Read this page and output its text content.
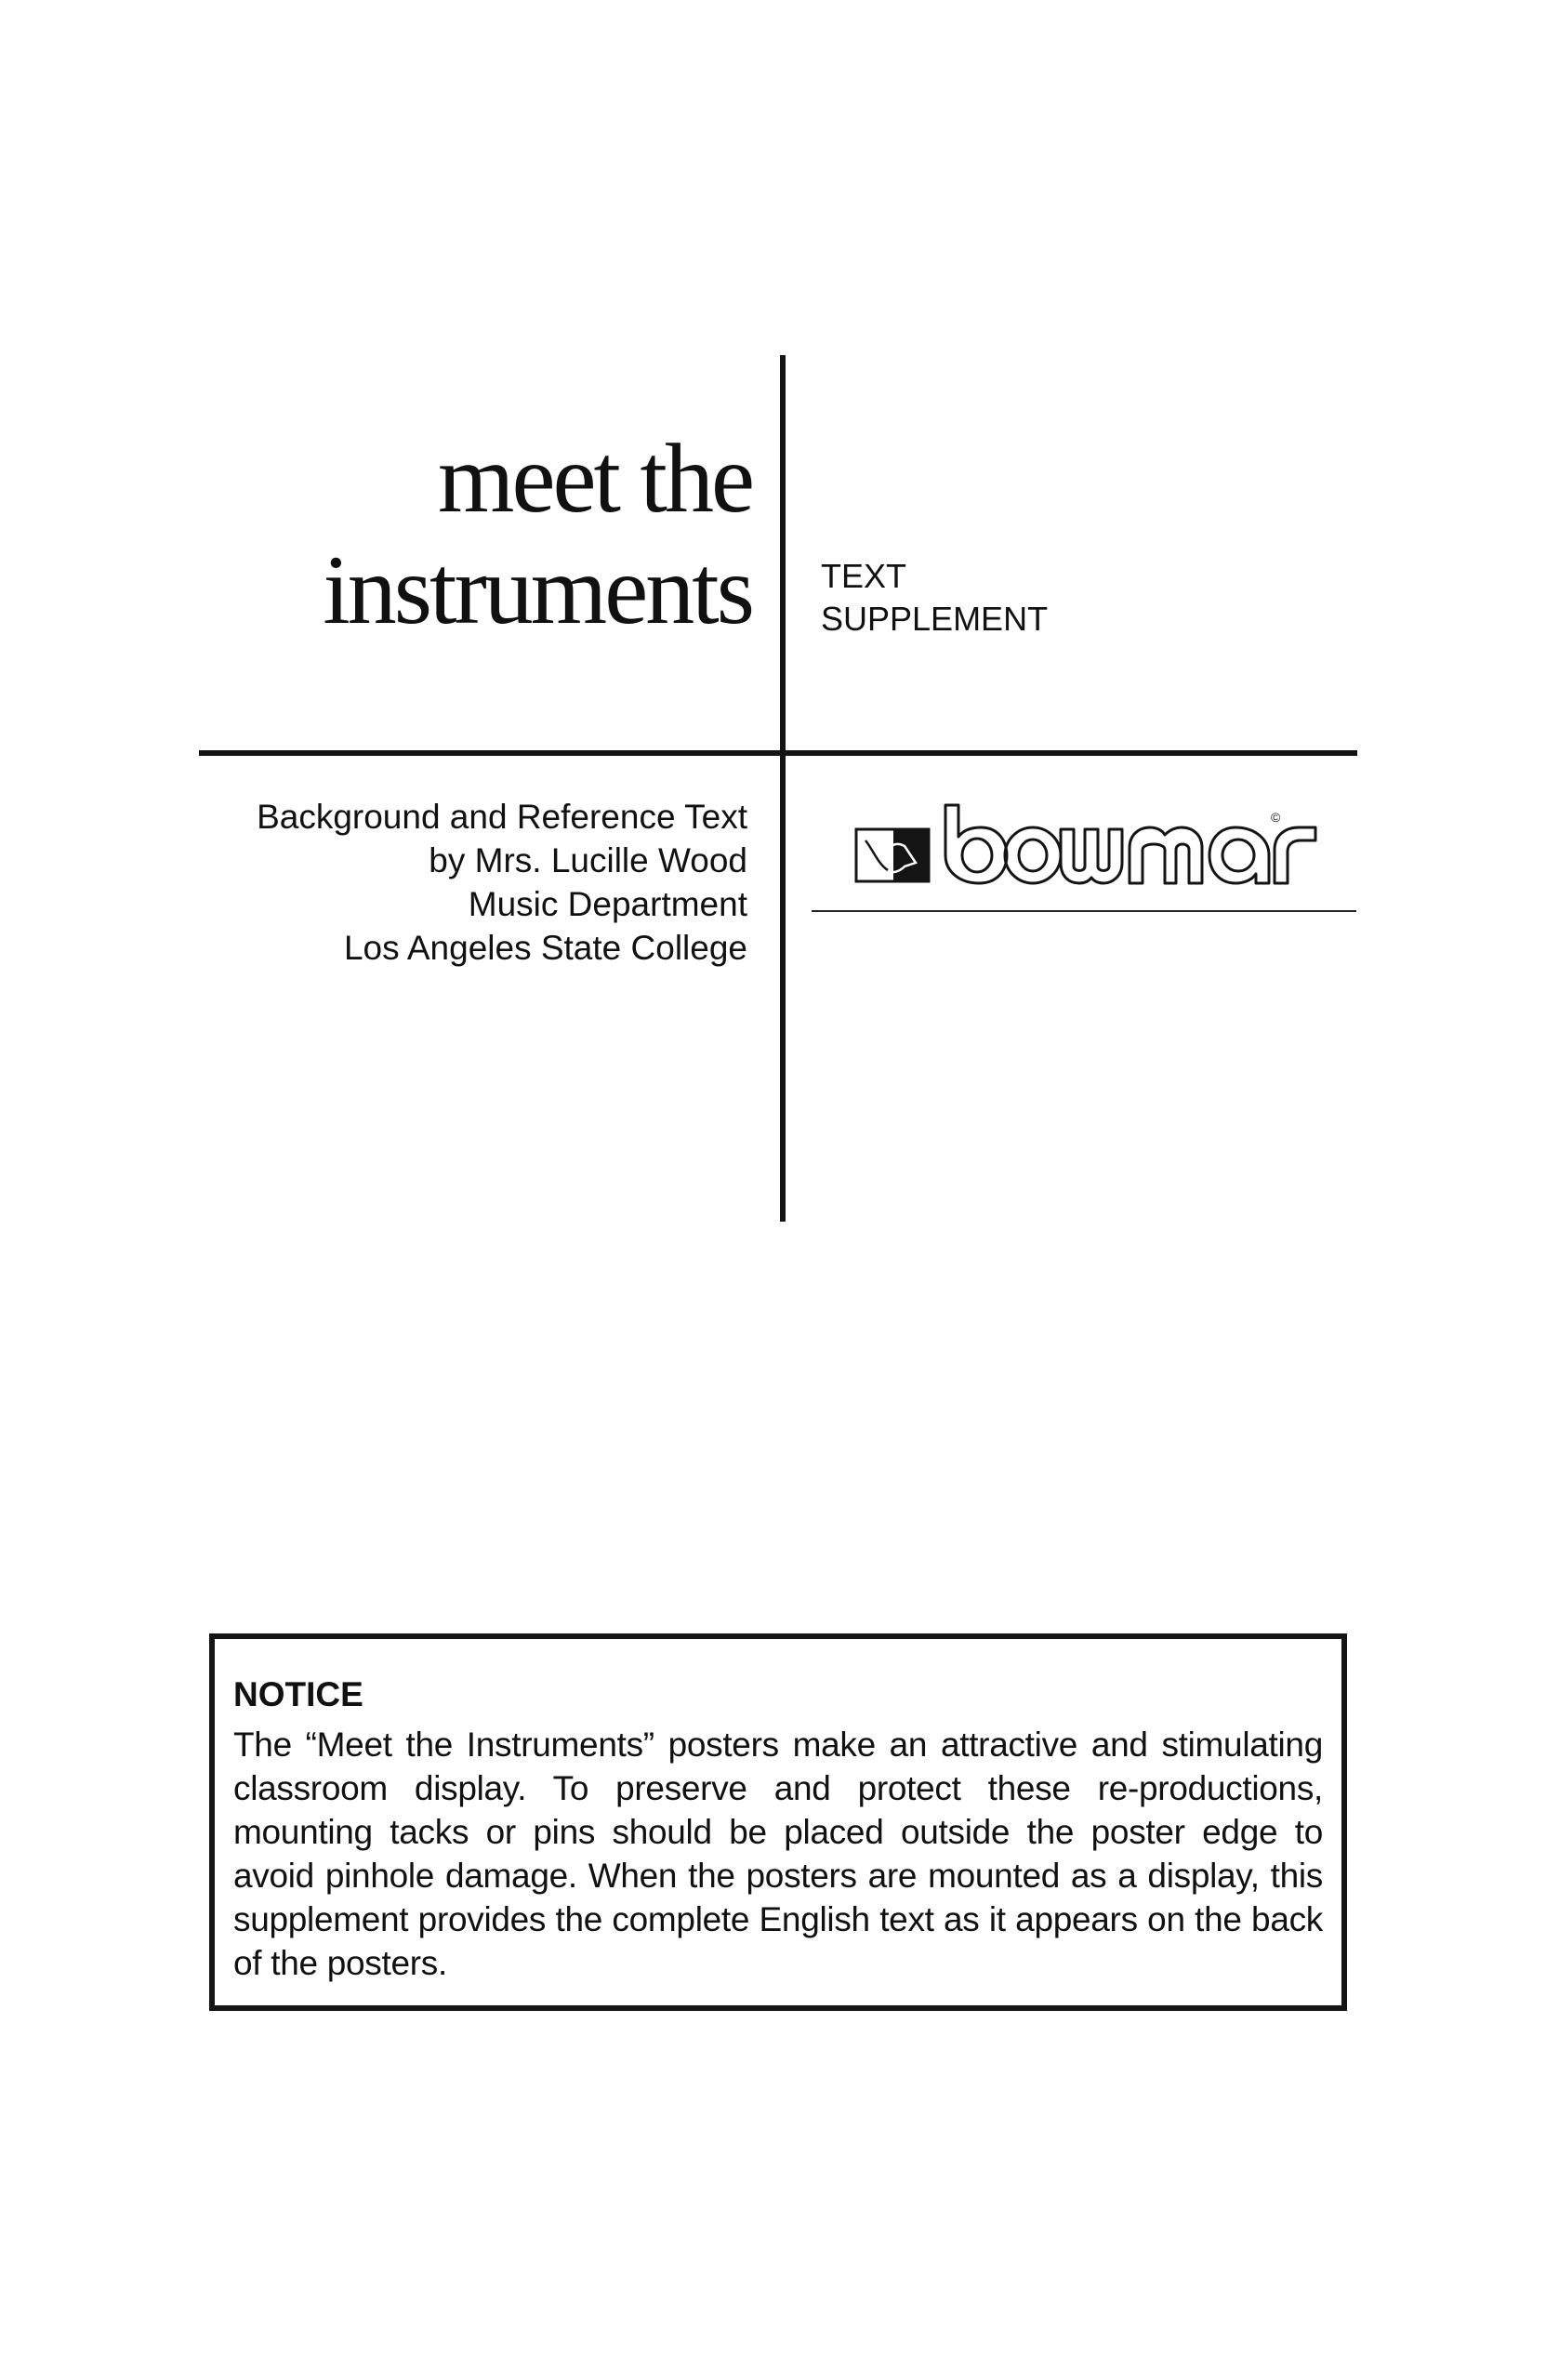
meet the
instruments TEXT
SUPPLEMENT
Background and Reference Text
by Mrs. Lucille Wood
Music Department
Los Angeles State College
©
NOTICE
The “Meet the Instruments” posters make an attractive and stimulating classroom display. To preserve and protect these re-productions, mounting tacks or pins should be placed outside the poster edge to avoid pinhole damage. When the posters are mounted as a display, this supplement provides the complete English text as it appears on the back of the posters.
